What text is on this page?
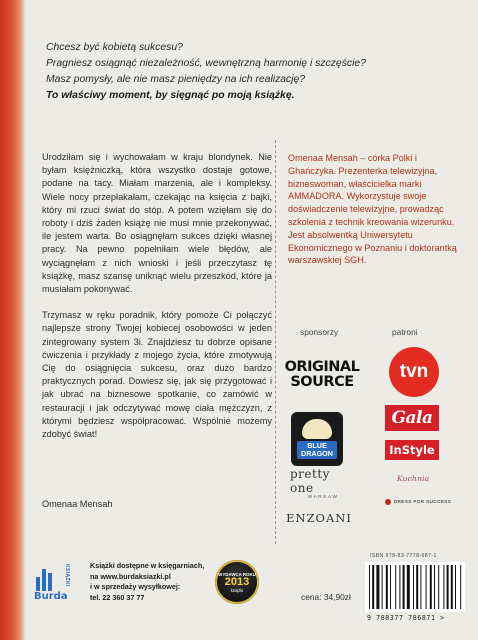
Chcesz być kobietą sukcesu?
Pragniesz osiągnąć niezależność, wewnętrzną harmonię i szczęście?
Masz pomysły, ale nie masz pieniędzy na ich realizację?
To właściwy moment, by sięgnąć po moją książkę.

Urodziłam się i wychowałam w kraju blondynek. Nie byłam księżniczką, która wszystko dostaje gotowe, podane na tacy. Miałam marzenia, ale i kompleksy. Wiele nocy przepłakałam, czekając na księcia z bajki, który mi rzuci świat do stóp. A potem wzięłam się do roboty i dziś żaden książę nie musi mnie przekonywać, ile jestem warta. Bo osiągnęłam sukces dzięki własnej pracy. Na pewno popełniłam wiele błędów, ale wyciągnęłam z nich wnioski i jeśli przeczytasz tę książkę, masz szansę uniknąć wielu przeszkód, które ja musiałam pokonywać.

Trzymasz w ręku poradnik, który pomoże Ci połączyć najlepsze strony Twojej kobiecej osobowości w jeden zintegrowany system 3i. Znajdziesz tu dobrze opisane ćwiczenia i przykłady z mojego życia, które zmotywują Cię do osiągnięcia sukcesu, oraz dużo bardzo praktycznych porad. Dowiesz się, jak się przygotować i jak ubrać na biznesowe spotkanie, co zamówić w restauracji i jak odczytywać mowę ciała mężczyzn, z którymi będziesz współpracować. Wspólnie możemy zdobyć świat!

Omenaa Mensah
Omenaa Mensah – córka Polki i Ghańczyka. Prezenterka telewizyjna, bizneswoman, właścicielka marki AMMADORA. Wykorzystuje swoje doświadczenie telewizyjne, prowadząc szkolenia z technik kreowania wizerunku. Jest absolwentką Uniwersytetu Ekonomicznego w Poznaniu i doktorantką warszawskiej SGH.
sponsorzy	patroni
ORIGINAL
SOURCE
BLUE
DRAGON
pretty one
WARSAW
ENZOANI
tvn
Gala
InStyle
Kuchnia
DRESS FOR SUCCESS
Burda
KSIĄŻKI	Książki dostępne w księgarniach,
na www.burdaksiazki.pl
i w sprzedaży wysyłkowej:
tel. 22 360 37 77
WYDAWCA ROKU
2013
książki
cena: 34,90zł
ISBN 978-83-7778-687-1
9 788377 786871 >
